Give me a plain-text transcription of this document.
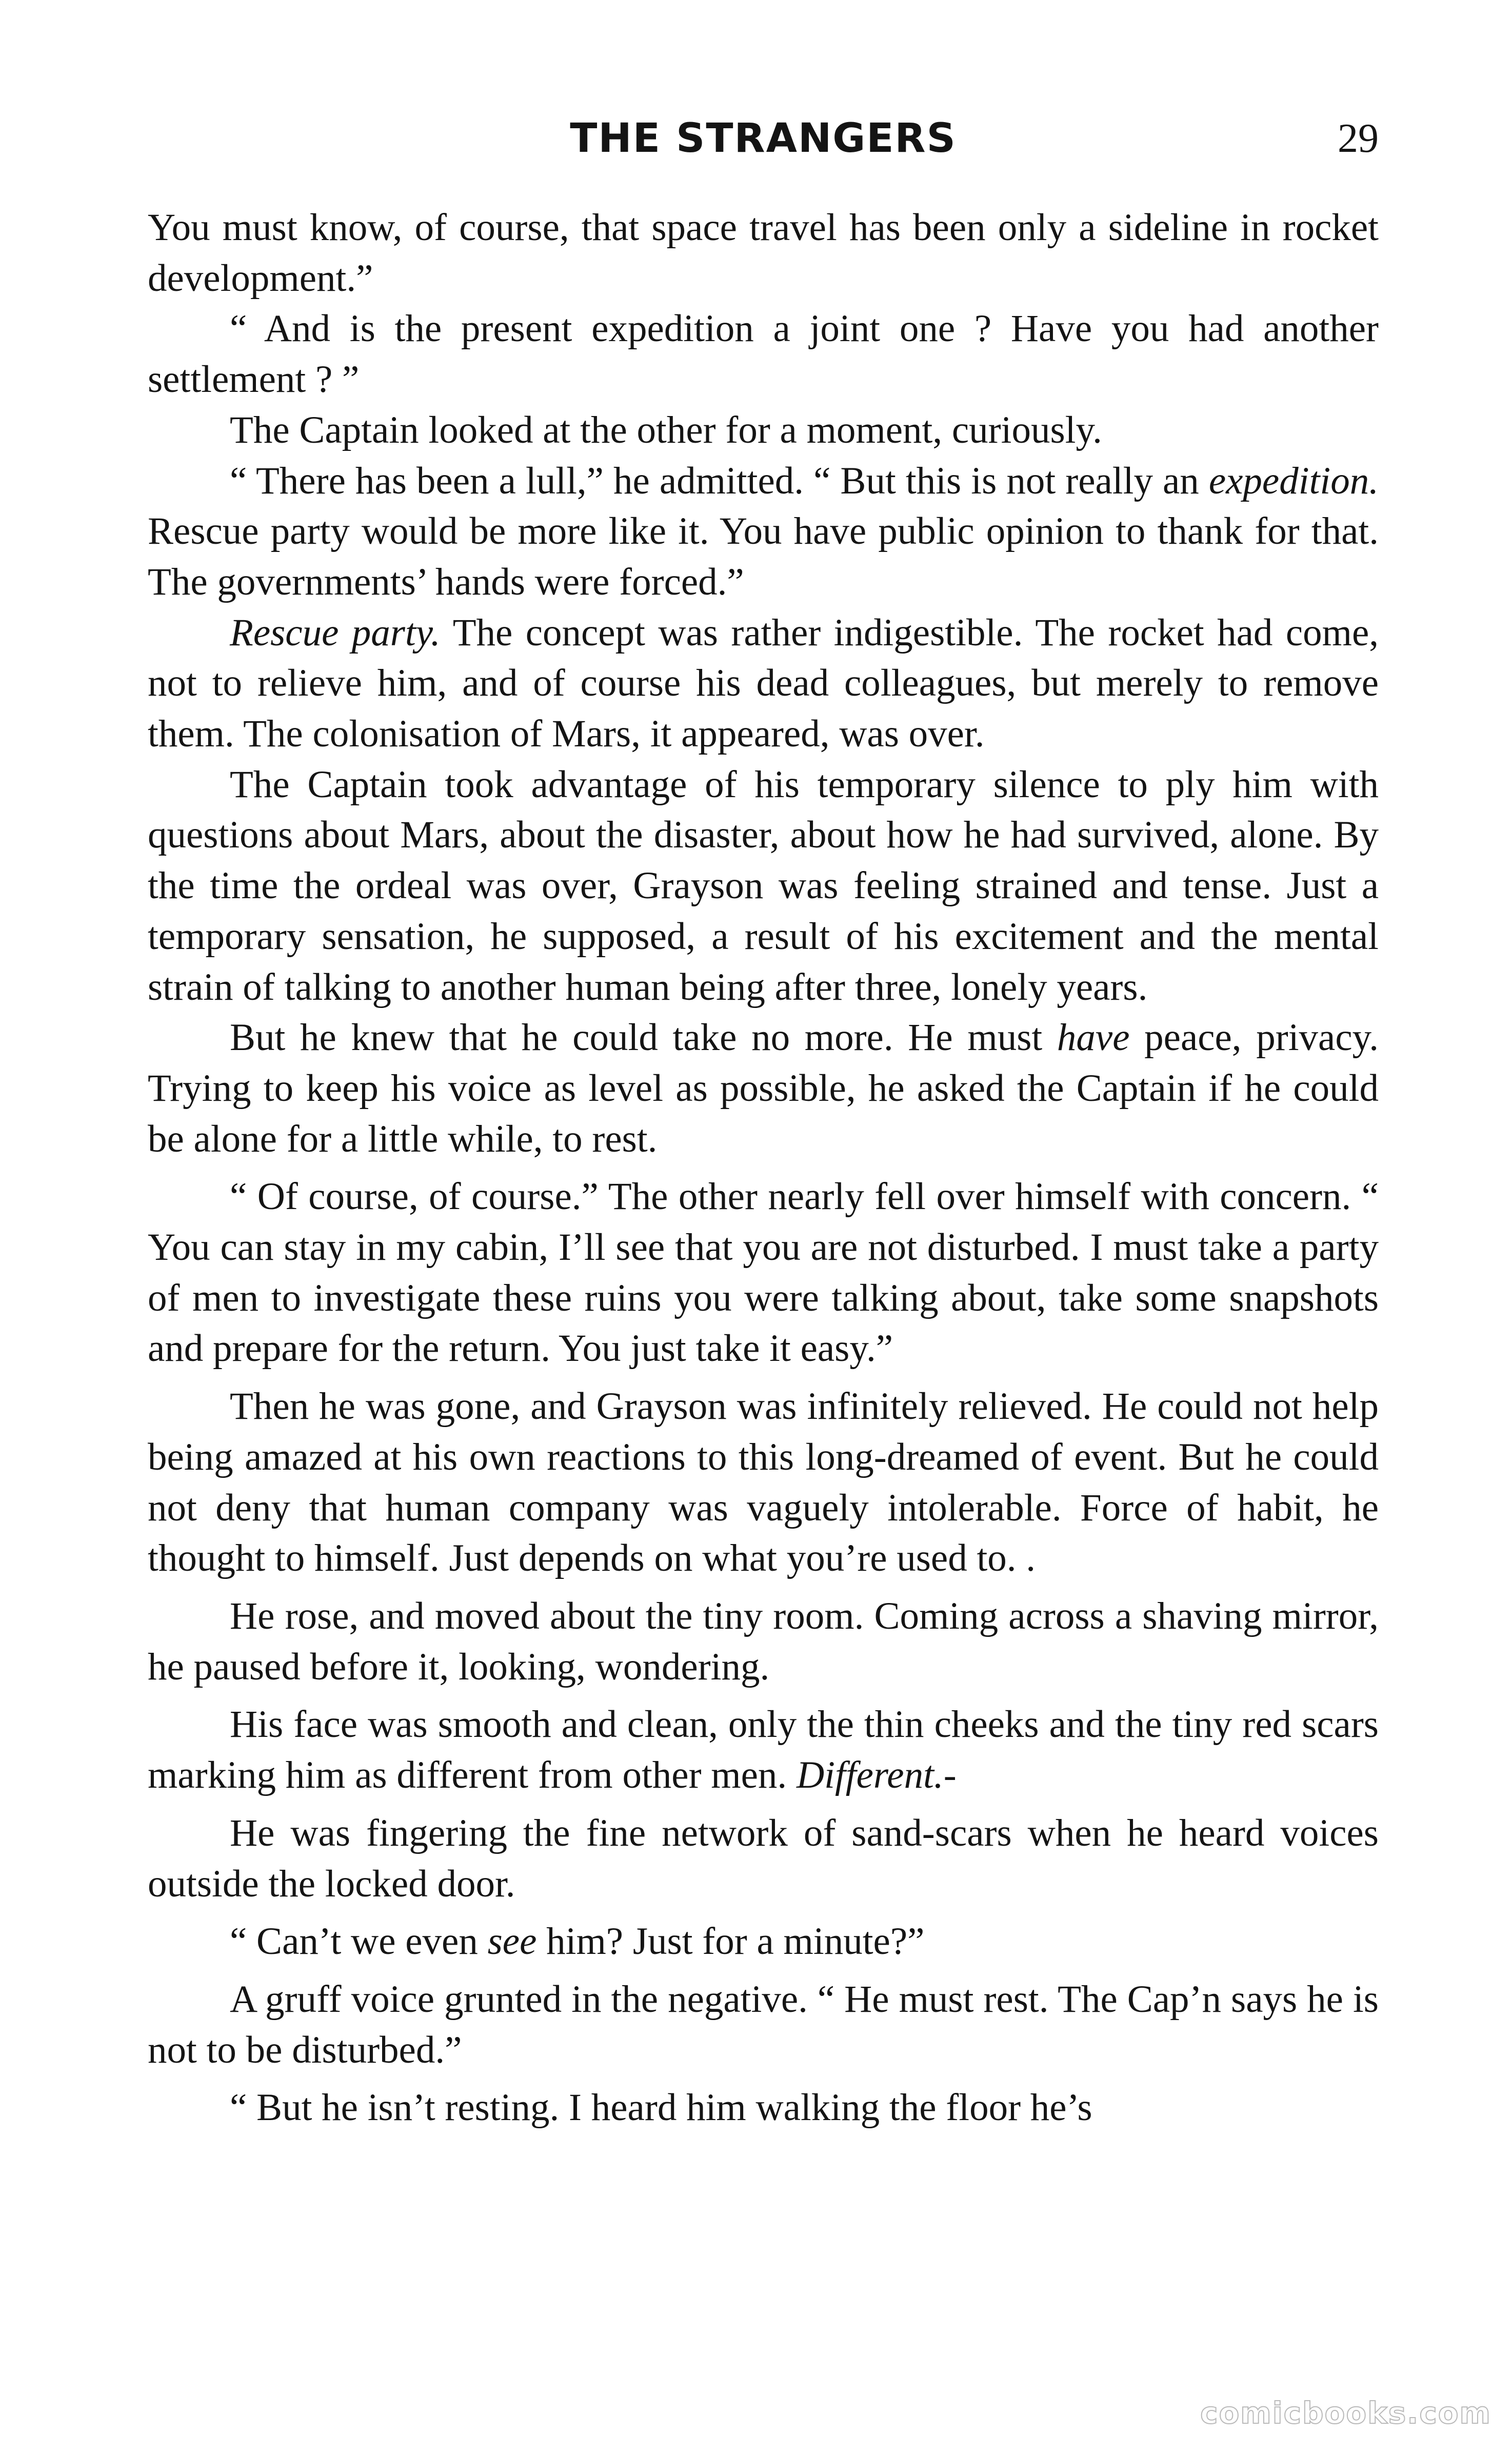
THE STRANGERS	29

You must know, of course, that space travel has been only a sideline in rocket development.”

“ And is the present expedition a joint one ? Have you had another settlement ? ”

The Captain looked at the other for a moment, curiously.

“ There has been a lull,” he admitted. “ But this is not really an expedition. Rescue party would be more like it. You have public opinion to thank for that. The governments’ hands were forced.”

Rescue party. The concept was rather indigestible. The rocket had come, not to relieve him, and of course his dead colleagues, but merely to remove them. The colonisation of Mars, it appeared, was over.

The Captain took advantage of his temporary silence to ply him with questions about Mars, about the disaster, about how he had survived, alone. By the time the ordeal was over, Grayson was feeling strained and tense. Just a temporary sensation, he supposed, a result of his excitement and the mental strain of talking to another human being after three, lonely years.

But he knew that he could take no more. He must have peace, privacy. Trying to keep his voice as level as possible, he asked the Captain if he could be alone for a little while, to rest.

“ Of course, of course.” The other nearly fell over himself with concern. “ You can stay in my cabin, I’ll see that you are not disturbed. I must take a party of men to investigate these ruins you were talking about, take some snapshots and prepare for the return. You just take it easy.”

Then he was gone, and Grayson was infinitely relieved. He could not help being amazed at his own reactions to this long-dreamed of event. But he could not deny that human company was vaguely intolerable. Force of habit, he thought to himself. Just depends on what you’re used to. .

He rose, and moved about the tiny room. Coming across a shaving mirror, he paused before it, looking, wondering.

His face was smooth and clean, only the thin cheeks and the tiny red scars marking him as different from other men. Different.-

He was fingering the fine network of sand-scars when he heard voices outside the locked door.

“ Can’t we even see him? Just for a minute?”

A gruff voice grunted in the negative. “ He must rest. The Cap’n says he is not to be disturbed.”

“ But he isn’t resting. I heard him walking the floor he’s

comicbooks.com
